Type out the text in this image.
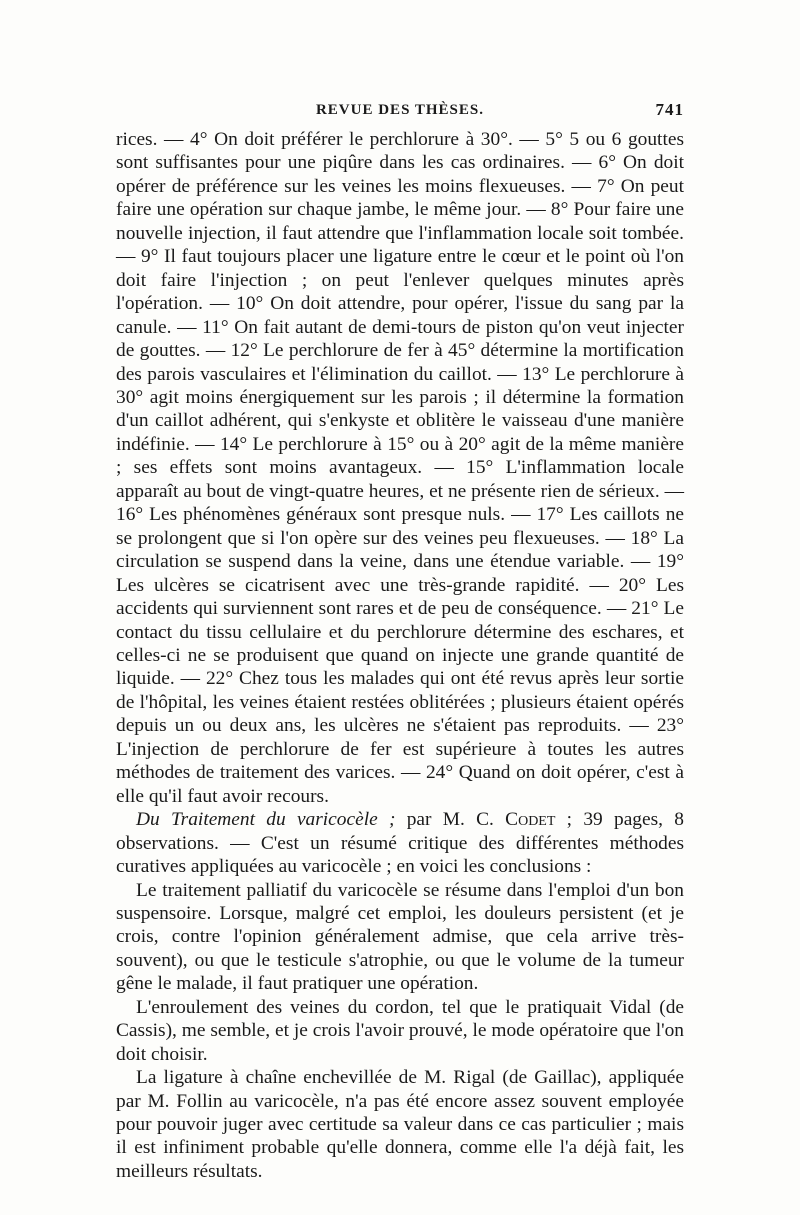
REVUE DES THÈSES.	741

rices. — 4° On doit préférer le perchlorure à 30°. — 5° 5 ou 6 gouttes sont suffisantes pour une piqûre dans les cas ordinaires. — 6° On doit opérer de préférence sur les veines les moins flexueuses. — 7° On peut faire une opération sur chaque jambe, le même jour. — 8° Pour faire une nouvelle injection, il faut attendre que l'inflammation locale soit tombée. — 9° Il faut toujours placer une ligature entre le cœur et le point où l'on doit faire l'injection ; on peut l'enlever quelques minutes après l'opération. — 10° On doit attendre, pour opérer, l'issue du sang par la canule. — 11° On fait autant de demi-tours de piston qu'on veut injecter de gouttes. — 12° Le perchlorure de fer à 45° détermine la mortification des parois vasculaires et l'élimination du caillot. — 13° Le perchlorure à 30° agit moins énergiquement sur les parois ; il détermine la formation d'un caillot adhérent, qui s'enkyste et oblitère le vaisseau d'une manière indéfinie. — 14° Le perchlorure à 15° ou à 20° agit de la même manière ; ses effets sont moins avantageux. — 15° L'inflammation locale apparaît au bout de vingt-quatre heures, et ne présente rien de sérieux. — 16° Les phénomènes généraux sont presque nuls. — 17° Les caillots ne se prolongent que si l'on opère sur des veines peu flexueuses. — 18° La circulation se suspend dans la veine, dans une étendue variable. — 19° Les ulcères se cicatrisent avec une très-grande rapidité. — 20° Les accidents qui surviennent sont rares et de peu de conséquence. — 21° Le contact du tissu cellulaire et du perchlorure détermine des eschares, et celles-ci ne se produisent que quand on injecte une grande quantité de liquide. — 22° Chez tous les malades qui ont été revus après leur sortie de l'hôpital, les veines étaient restées oblitérées ; plusieurs étaient opérés depuis un ou deux ans, les ulcères ne s'étaient pas reproduits. — 23° L'injection de perchlorure de fer est supérieure à toutes les autres méthodes de traitement des varices. — 24° Quand on doit opérer, c'est à elle qu'il faut avoir recours.

Du Traitement du varicocèle ; par M. C. Codet ; 39 pages, 8 observations. — C'est un résumé critique des différentes méthodes curatives appliquées au varicocèle ; en voici les conclusions :

Le traitement palliatif du varicocèle se résume dans l'emploi d'un bon suspensoire. Lorsque, malgré cet emploi, les douleurs persistent (et je crois, contre l'opinion généralement admise, que cela arrive très-souvent), ou que le testicule s'atrophie, ou que le volume de la tumeur gêne le malade, il faut pratiquer une opération.

L'enroulement des veines du cordon, tel que le pratiquait Vidal (de Cassis), me semble, et je crois l'avoir prouvé, le mode opératoire que l'on doit choisir.

La ligature à chaîne enchevillée de M. Rigal (de Gaillac), appliquée par M. Follin au varicocèle, n'a pas été encore assez souvent employée pour pouvoir juger avec certitude sa valeur dans ce cas particulier ; mais il est infiniment probable qu'elle donnera, comme elle l'a déjà fait, les meilleurs résultats.
